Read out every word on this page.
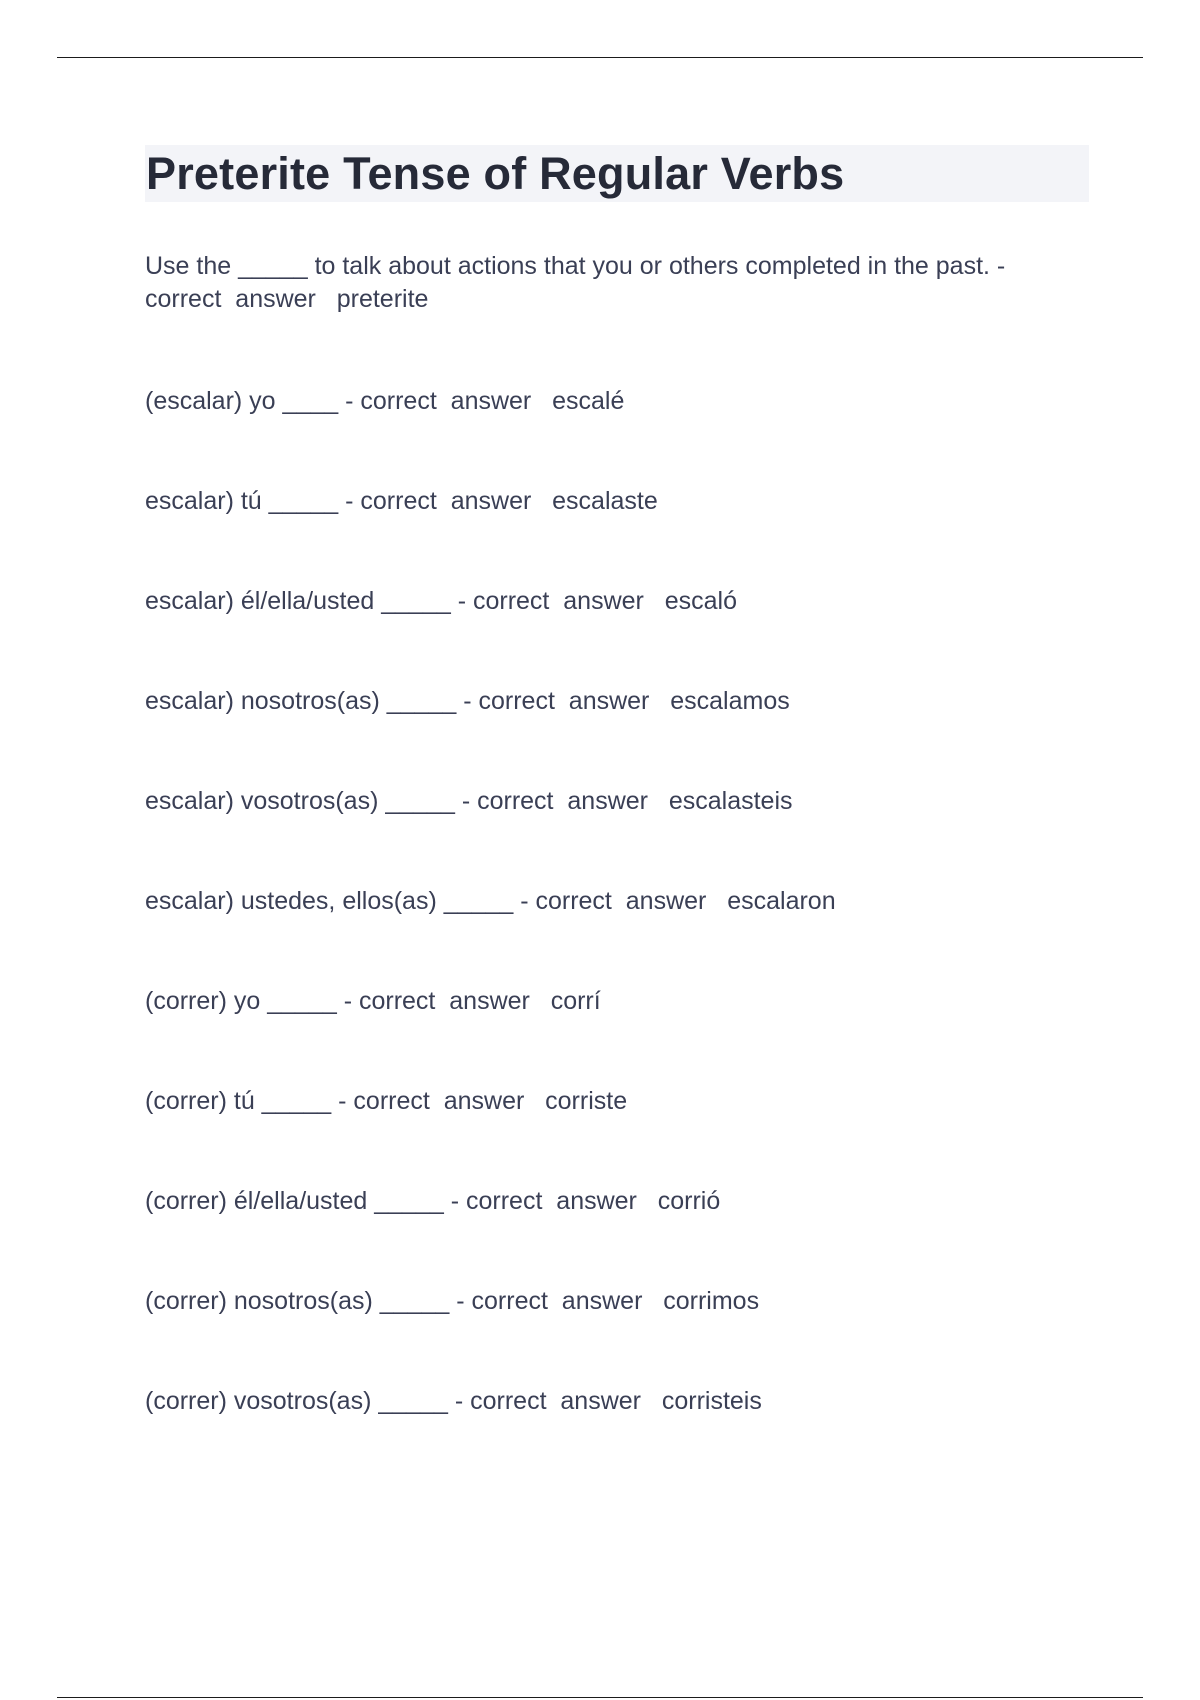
Preterite Tense of Regular Verbs
Use the _____ to talk about actions that you or others completed in the past. -
correct  answer   preterite
(escalar) yo ____ - correct  answer escalé
escalar) tú _____ - correct  answer escalaste
escalar) él/ella/usted _____ - correct  answer escaló
escalar) nosotros(as) _____ - correct  answer escalamos
escalar) vosotros(as) _____ - correct  answer escalasteis
escalar) ustedes, ellos(as) _____ - correct  answer escalaron
(correr) yo _____ - correct  answer corrí
(correr) tú _____ - correct  answer corriste
(correr) él/ella/usted _____ - correct  answer corrió
(correr) nosotros(as) _____ - correct  answer corrimos
(correr) vosotros(as) _____ - correct  answer corristeis
